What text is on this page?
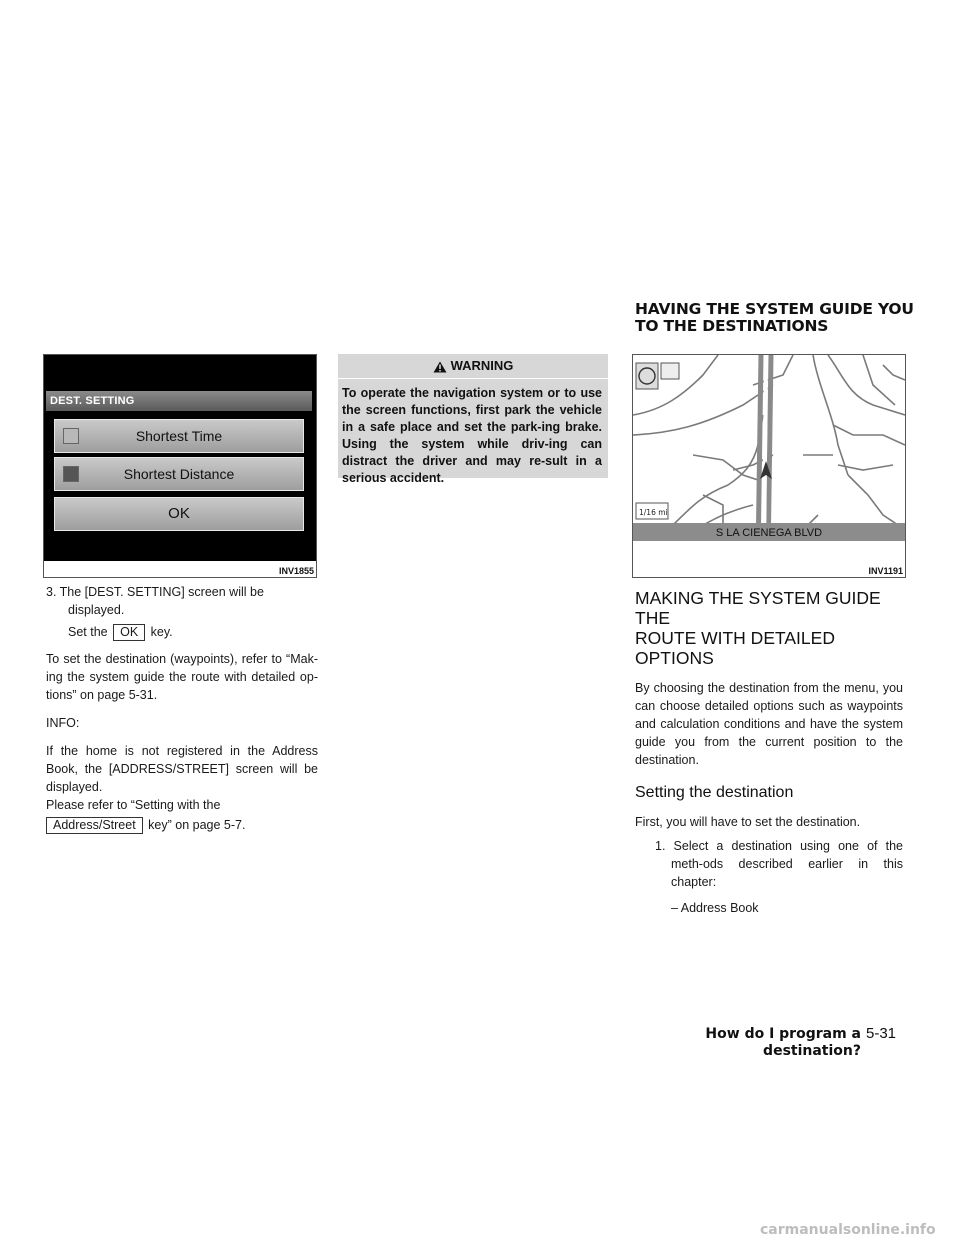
HAVING THE SYSTEM GUIDE YOU
TO THE DESTINATIONS
DEST. SETTING
Shortest Time
Shortest Distance
OK
INV1855

3. The [DEST. SETTING] screen will be
displayed.

Set the OK key.

To set the destination (waypoints), refer to “Mak-ing the system guide the route with detailed op-tions” on page 5-31.

INFO:

If the home is not registered in the Address Book, the [ADDRESS/STREET] screen will be displayed.

Please refer to “Setting with the

Address/Street key” on page 5-7.

WARNING
To operate the navigation system or to use the screen functions, first park the vehicle in a safe place and set the park-ing brake. Using the system while driv-ing can distract the driver and may re-sult in a serious accident.
1/16 mi
S LA CIENEGA BLVD
INV1191
MAKING THE SYSTEM GUIDE THE
ROUTE WITH DETAILED OPTIONS

By choosing the destination from the menu, you can choose detailed options such as waypoints and calculation conditions and have the system guide you from the current position to the destination.

Setting the destination

First, you will have to set the destination.

1. Select a destination using one of the meth-ods described earlier in this chapter:

– Address Book

How do I program a destination?
5-31
carmanualsonline.info
